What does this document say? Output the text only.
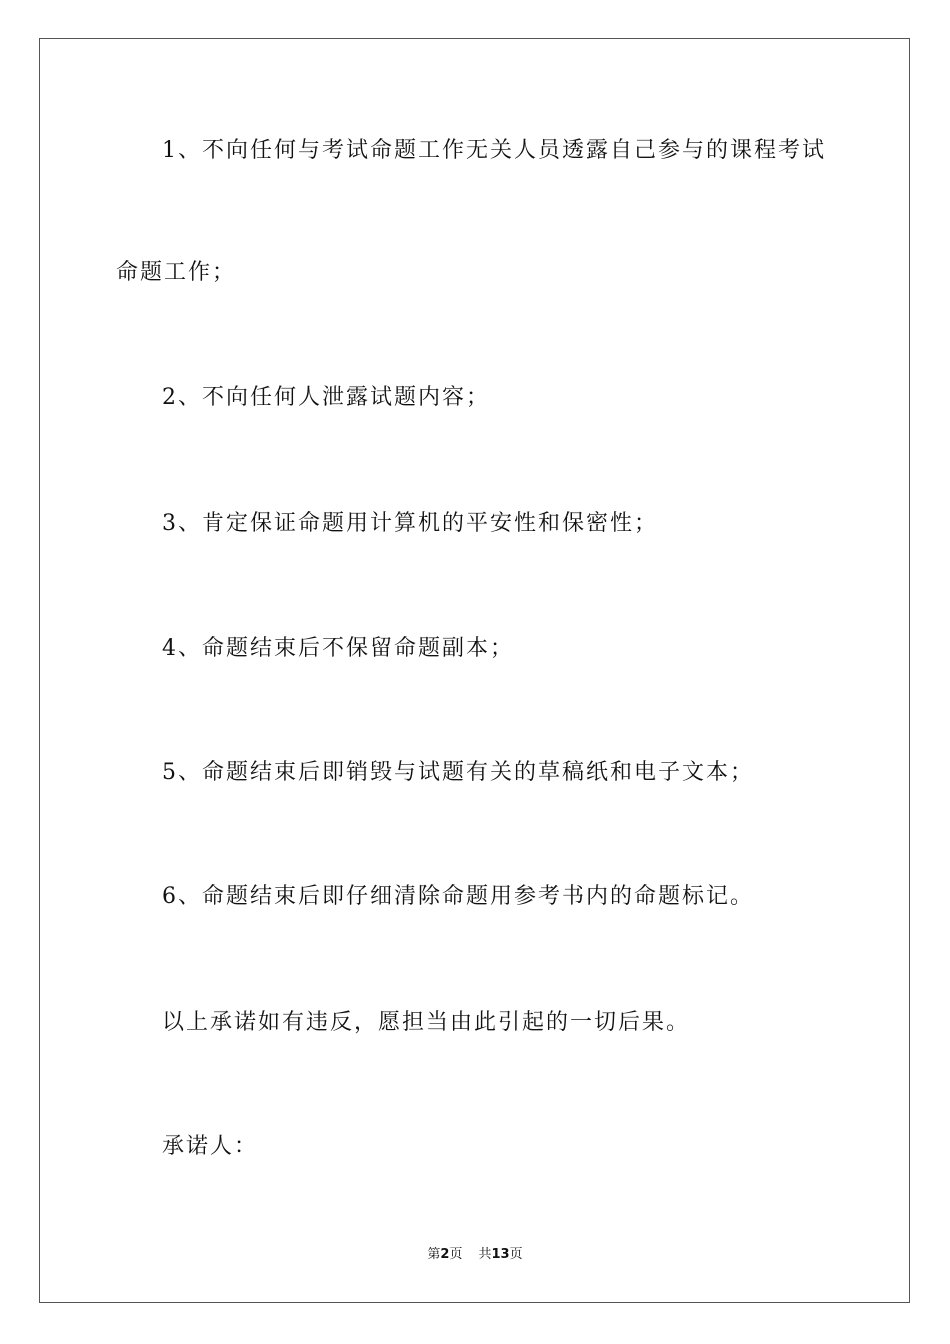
1、不向任何与考试命题工作无关人员透露自己参与的课程考试
命题工作；
2、不向任何人泄露试题内容；
3、肯定保证命题用计算机的平安性和保密性；
4、命题结束后不保留命题副本；
5、命题结束后即销毁与试题有关的草稿纸和电子文本；
6、命题结束后即仔细清除命题用参考书内的命题标记。
以上承诺如有违反，愿担当由此引起的一切后果。
承诺人：
第2页 共13页
